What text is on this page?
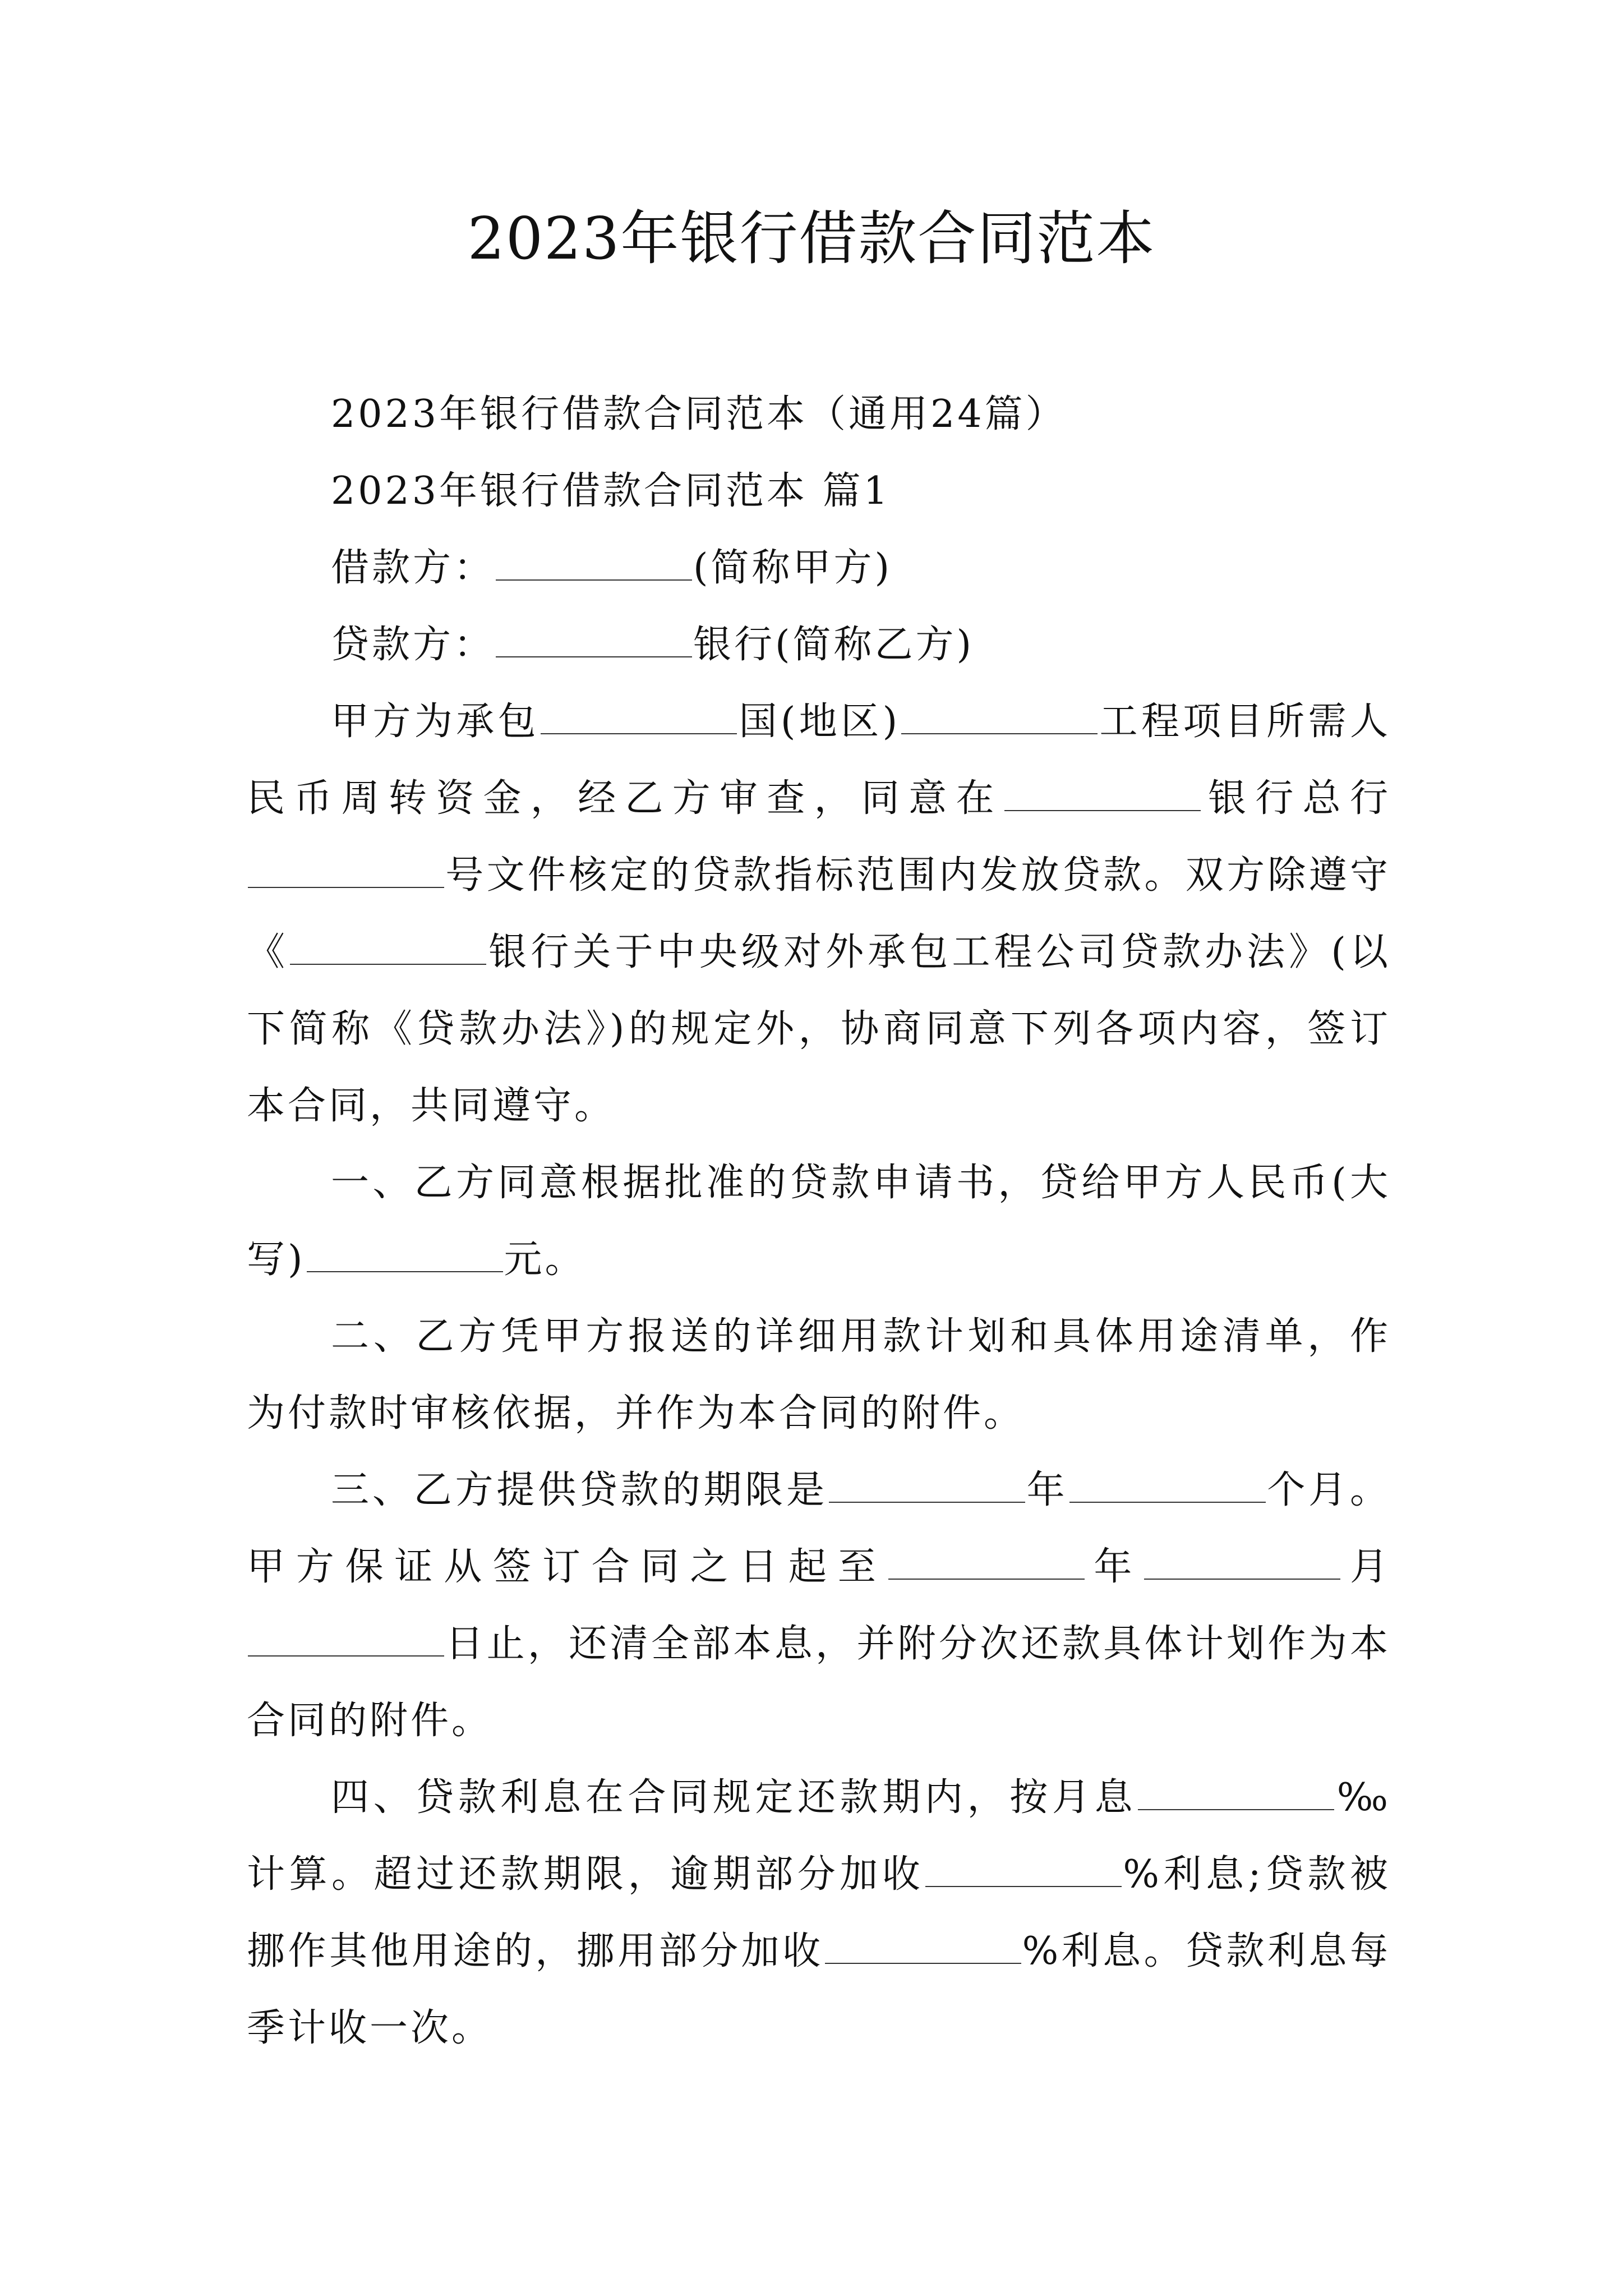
2023年银行借款合同范本

2023年银行借款合同范本（通用24篇）

2023年银行借款合同范本 篇1

借款方：	(简称甲方)

贷款方：	银行(简称乙方)

甲方为承包	国(地区)	工程项目所需人民币周转资金，经乙方审查，同意在	银行总行号文件核定的贷款指标范围内发放贷款。双方除遵守《	银行关于中央级对外承包工程公司贷款办法》(以下简称《贷款办法》)的规定外，协商同意下列各项内容，签订本合同，共同遵守。

一、乙方同意根据批准的贷款申请书，贷给甲方人民币(大写)	元。

二、乙方凭甲方报送的详细用款计划和具体用途清单，作为付款时审核依据，并作为本合同的附件。

三、乙方提供贷款的期限是	年	个月。甲方保证从签订合同之日起至	年	月日止，还清全部本息，并附分次还款具体计划作为本合同的附件。

四、贷款利息在合同规定还款期内，按月息	‰计算。超过还款期限，逾期部分加收	%利息;贷款被挪作其他用途的，挪用部分加收	%利息。贷款利息每季计收一次。
